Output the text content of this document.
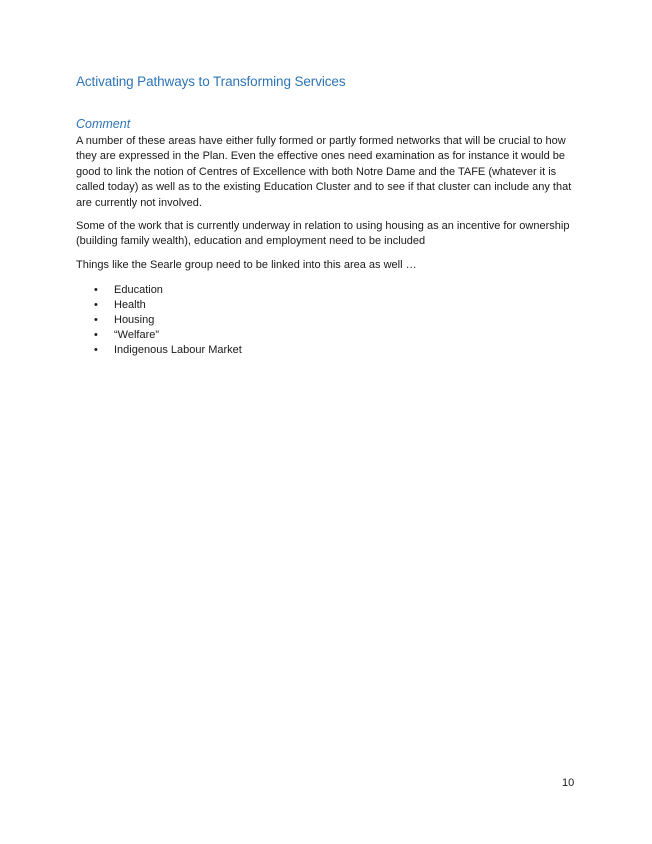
Activating Pathways to Transforming Services
Comment

A number of these areas have either fully formed or partly formed networks that will be crucial to how they are expressed in the Plan. Even the effective ones need examination as for instance it would be good to link the notion of Centres of Excellence with both Notre Dame and the TAFE (whatever it is called today) as well as to the existing Education Cluster and to see if that cluster can include any that are currently not involved.

Some of the work that is currently underway in relation to using housing as an incentive for ownership (building family wealth), education and employment need to be included

Things like the Searle group need to be linked into this area as well …

• Education
• Health
• Housing
• “Welfare”
• Indigenous Labour Market
10
